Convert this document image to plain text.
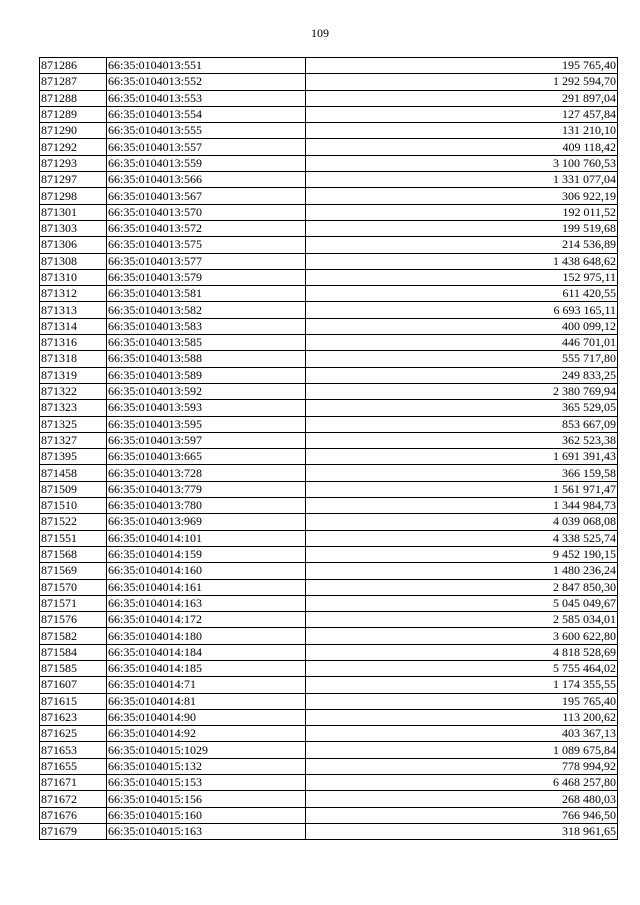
109
871286	66:35:0104013:551	195 765,40
871287	66:35:0104013:552	1 292 594,70
871288	66:35:0104013:553	291 897,04
871289	66:35:0104013:554	127 457,84
871290	66:35:0104013:555	131 210,10
871292	66:35:0104013:557	409 118,42
871293	66:35:0104013:559	3 100 760,53
871297	66:35:0104013:566	1 331 077,04
871298	66:35:0104013:567	306 922,19
871301	66:35:0104013:570	192 011,52
871303	66:35:0104013:572	199 519,68
871306	66:35:0104013:575	214 536,89
871308	66:35:0104013:577	1 438 648,62
871310	66:35:0104013:579	152 975,11
871312	66:35:0104013:581	611 420,55
871313	66:35:0104013:582	6 693 165,11
871314	66:35:0104013:583	400 099,12
871316	66:35:0104013:585	446 701,01
871318	66:35:0104013:588	555 717,80
871319	66:35:0104013:589	249 833,25
871322	66:35:0104013:592	2 380 769,94
871323	66:35:0104013:593	365 529,05
871325	66:35:0104013:595	853 667,09
871327	66:35:0104013:597	362 523,38
871395	66:35:0104013:665	1 691 391,43
871458	66:35:0104013:728	366 159,58
871509	66:35:0104013:779	1 561 971,47
871510	66:35:0104013:780	1 344 984,73
871522	66:35:0104013:969	4 039 068,08
871551	66:35:0104014:101	4 338 525,74
871568	66:35:0104014:159	9 452 190,15
871569	66:35:0104014:160	1 480 236,24
871570	66:35:0104014:161	2 847 850,30
871571	66:35:0104014:163	5 045 049,67
871576	66:35:0104014:172	2 585 034,01
871582	66:35:0104014:180	3 600 622,80
871584	66:35:0104014:184	4 818 528,69
871585	66:35:0104014:185	5 755 464,02
871607	66:35:0104014:71	1 174 355,55
871615	66:35:0104014:81	195 765,40
871623	66:35:0104014:90	113 200,62
871625	66:35:0104014:92	403 367,13
871653	66:35:0104015:1029	1 089 675,84
871655	66:35:0104015:132	778 994,92
871671	66:35:0104015:153	6 468 257,80
871672	66:35:0104015:156	268 480,03
871676	66:35:0104015:160	766 946,50
871679	66:35:0104015:163	318 961,65
